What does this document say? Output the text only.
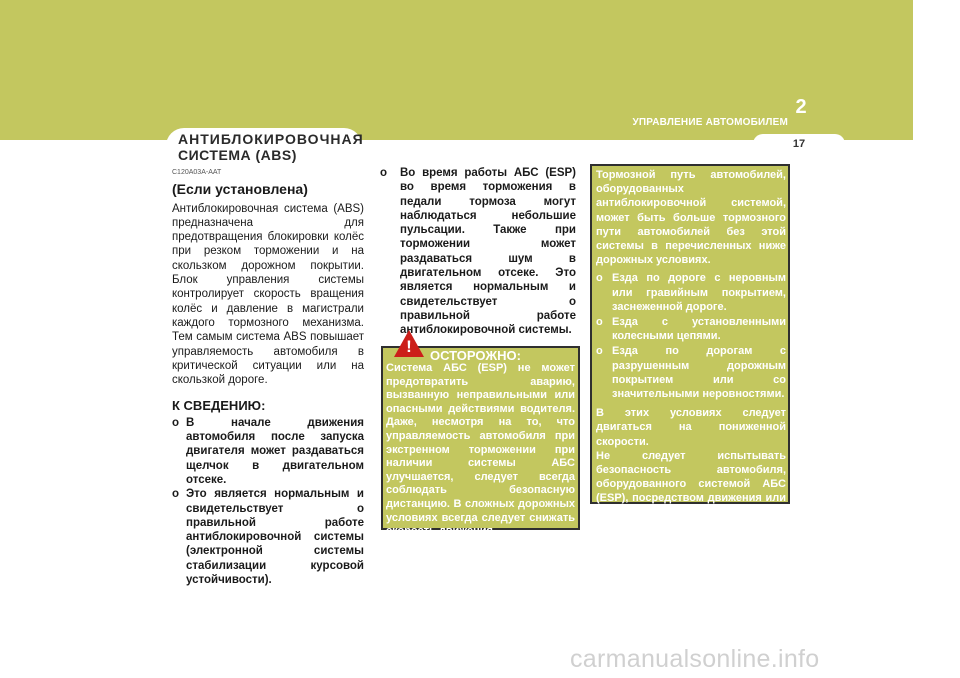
2
УПРАВЛЕНИЕ АВТОМОБИЛЕМ
17
АНТИБЛОКИРОВОЧНАЯ
СИСТЕМА (ABS)

C120A03A-AAT

(Если установлена)

Антиблокировочная система (ABS) предназначена для предотвращения блокировки колёс при резком торможении и на скользком дорожном покрытии. Блок управления системы контролирует скорость вращения колёс и давление в магистрали каждого тормозного механизма. Тем самым система ABS повышает управляемость автомобиля в критической ситуации или на скользкой дороге.

К СВЕДЕНИЮ:

o В начале движения автомобиля после запуска двигателя может раздаваться щелчок в двигательном отсеке.
o Это является нормальным и свидетельствует о правильной работе антиблокировочной системы (электронной системы стабилизации курсовой устойчивости).
o Во время работы АБС (ESP) во время торможения в педали тормоза могут наблюдаться небольшие пульсации. Также при торможении может раздаваться шум в двигательном отсеке. Это является нормальным и свидетельствует о правильной работе антиблокировочной системы.
!	ОСТОРОЖНО:
Система АБС (ESP) не может предотвратить аварию, вызванную неправильными или опасными действиями водителя. Даже, несмотря на то, что управляемость автомобиля при экстренном торможении при наличии системы АБС улучшается, следует всегда соблюдать безопасную дистанцию. В сложных дорожных условиях всегда следует снижать скорость движения.

Тормозной путь автомобилей, оборудованных антиблокировочной системой, может быть больше тормозного пути автомобилей без этой системы в перечисленных ниже дорожных условиях.

o Езда по дороге с неровным или гравийным покрытием, заснеженной дороге.
o Езда с установленными колесными цепями.
o Езда по дорогам с разрушенным дорожным покрытием или со значительными неровностями.

В этих условиях следует двигаться на пониженной скорости.

Не следует испытывать безопасность автомобиля, оборудованного системой АБС (ESP), посредством движения или поворотов на высокой скорости. Это может создать угрозу безопасности водителя или окружающих.

carmanualsonline.info
